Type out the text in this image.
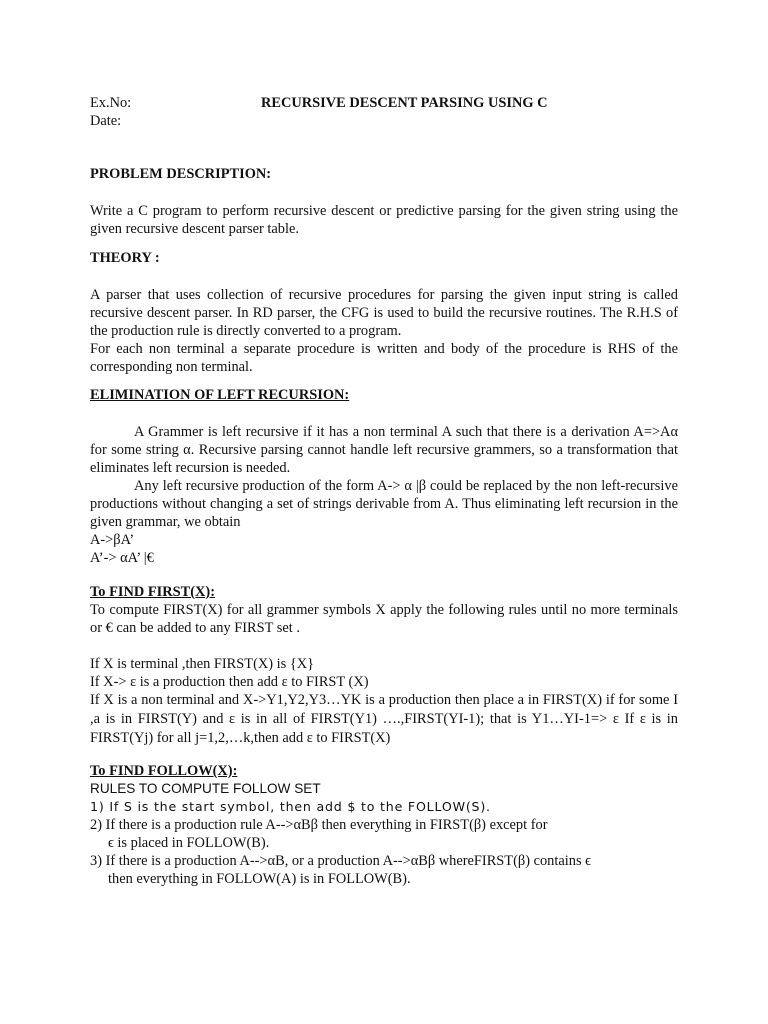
Ex.No:	RECURSIVE DESCENT PARSING USING C
Date:
PROBLEM DESCRIPTION:

Write a C program to perform recursive descent or predictive parsing for the given string using the given recursive descent parser table.

THEORY :

A parser that uses collection of recursive procedures for parsing the given input string is called recursive descent parser. In RD parser, the CFG is used to build the recursive routines. The R.H.S of the production rule is directly converted to a program.

For each non terminal a separate procedure is written and body of the procedure is RHS of the corresponding non terminal.

ELIMINATION OF LEFT RECURSION:

A Grammer is left recursive if it has a non terminal A such that there is a derivation A=>Aα for some string α. Recursive parsing cannot handle left recursive grammers, so a transformation that eliminates left recursion is needed.

Any left recursive production of the form A-> α |β could be replaced by the non left-recursive productions without changing a set of strings derivable from A. Thus eliminating left recursion in the given grammar, we obtain

A->βA’
A’-> αA’ |€
To FIND FIRST(X):

To compute FIRST(X) for all grammer symbols X apply the following rules until no more terminals or € can be added to any FIRST set .

If X is terminal ,then FIRST(X) is {X}
If X-> ε is a production then add ε to FIRST (X)

If X is a non terminal and X->Y1,Y2,Y3…YK is a production then place a in FIRST(X) if for some I ,a is in FIRST(Y) and ε is in all of FIRST(Y1) ….,FIRST(YI-1); that is Y1…YI-1=> ε If ε is in FIRST(Yj) for all j=1,2,…k,then add ε to FIRST(X)

To FIND FOLLOW(X):
RULES TO COMPUTE FOLLOW SET
1) If S is the start symbol, then add $ to the FOLLOW(S).
2) If there is a production rule A-->αBβ then everything in FIRST(β) except for
ϵ is placed in FOLLOW(B).
3) If there is a production A-->αB, or a production A-->αBβ whereFIRST(β) contains ϵ
then everything in FOLLOW(A) is in FOLLOW(B).
